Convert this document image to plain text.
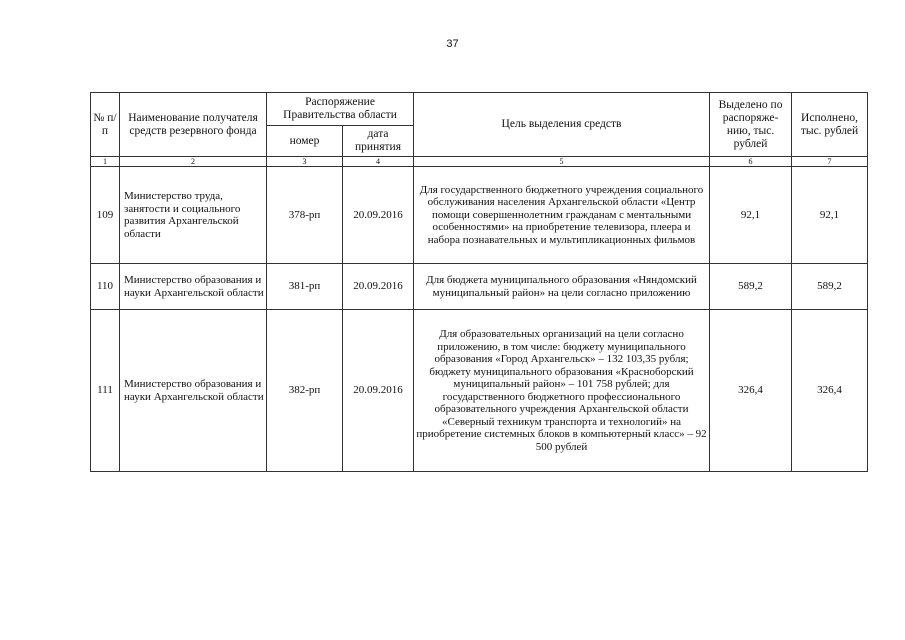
37
№ п/п	Наименование получателя средств резервного фонда	Распоряжение Правительства области		Цель выделения средств	Выделено по распоряже-нию, тыс. рублей	Исполнено, тыс. рублей
		номер	дата принятия			
1	2	3	4	5	6	7
109	Министерство труда, занятости и социального развития Архангельской области	378-рп	20.09.2016	Для государственного бюджетного учреждения социального обслуживания населения Архангельской области «Центр помощи совершеннолетним гражданам с ментальными особенностями» на приобретение телевизора, плеера и набора познавательных и мультипликационных фильмов	92,1	92,1
110	Министерство образования и науки Архангельской области	381-рп	20.09.2016	Для бюджета муниципального образования «Няндомский муниципальный район» на цели согласно приложению	589,2	589,2
111	Министерство образования и науки Архангельской области	382-рп	20.09.2016	Для образовательных организаций на цели согласно приложению, в том числе: бюджету муниципального образования «Город Архангельск» – 132 103,35 рубля; бюджету муниципального образования «Красноборский муниципальный район» – 101 758 рублей; для государственного бюджетного профессионального образовательного учреждения Архангельской области «Северный техникум транспорта и технологий» на приобретение системных блоков в компьютерный класс» – 92 500 рублей	326,4	326,4
